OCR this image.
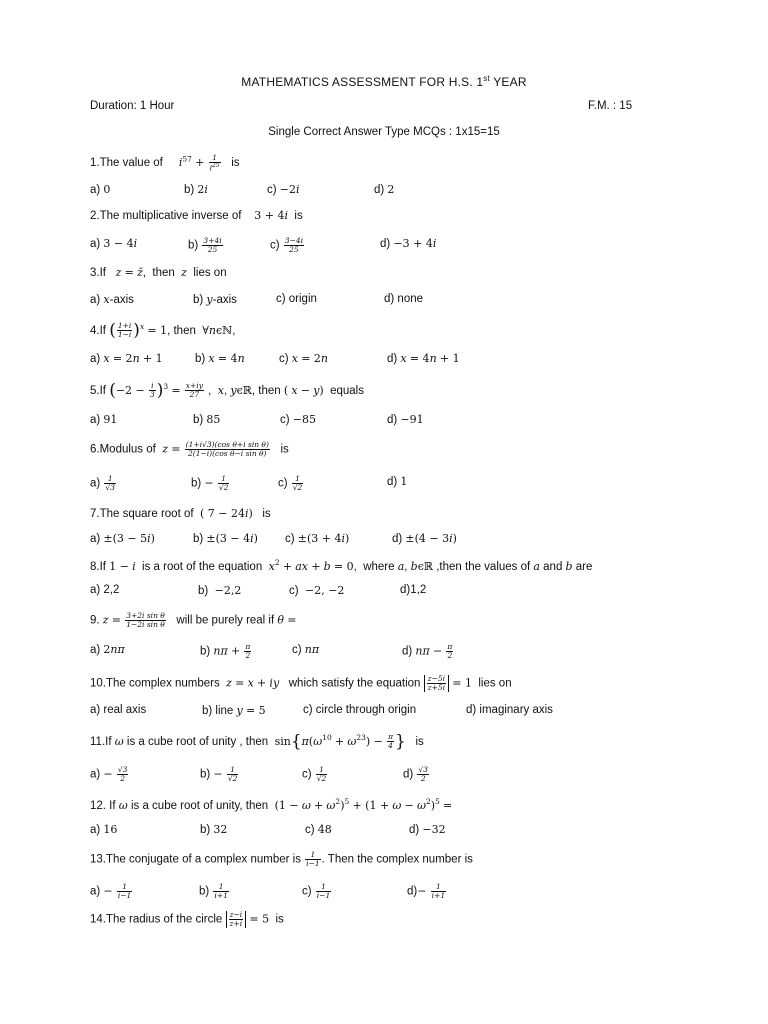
MATHEMATICS ASSESSMENT FOR H.S. 1st YEAR
Duration: 1 Hour	F.M. : 15
Single Correct Answer Type MCQs : 1x15=15
1.The value of     $i^{57} + \frac{1}{i^{25}}$ is
a) 0	b) 2i	c) −2i	d) 2
2.The multiplicative inverse of    3 + 4i  is
a) 3 − 4i	$b) \frac{3+4i}{25}$	$c) \frac{3-4i}{25}$	d) −3 + 4i
3.If   z = z̄,  then  z  lies on
a) x-axis	b) y-axis	c) origin	d) none
4.If ( $\frac{1+i}{1-i} )^x = 1$, then  ∀nϵℕ,
a) x = 2n + 1	b) x = 4n	c) x = 2n	d) x = 4n + 1
5.If $(-2 - \frac{i}{3} )^3 = \frac{x+iy}{27}$ ,  x, yϵℝ, then ( x − y)  equals
a) 91	b) 85	c) −85	d) −91
6.Modulus of  $z = \frac{\text{(1+i√3)(cos θ+i sin θ)}}{\text{2(1−i)(cos θ−i sin θ)}}$ is
$a) \frac{1}{√3}$	$b) - \frac{1}{√2}$	$c) \frac{1}{√2}$	d) 1
7.The square root of  ( 7 − 24i)   is
a) ±(3 − 5i)	b) ±(3 − 4i) c) ±(3 + 4i)	d) ±(4 − 3i)
8.If 1 − i  is a root of the equation  $x^2$ + ax + b = 0,  where a, bϵℝ ,then the values of a and b are
a) 2,2	b)  −2,2	c)  −2, −2	d)1,2
9. $z = \frac{\text{3+2i sin θ}}{\text{1−2i sin θ}}$ will be purely real if θ =
a) 2nπ	b) $n\pi + \frac{\pi}{2}$	c) nπ	d) $n\pi - \frac{\pi}{2}$
10.The complex numbers  z = x + iy   which satisfy the equation $\frac{z-5i}{z+5i} = 1$  lies on
a) real axis	b) line y = 5	c) circle through origin	d) imaginary axis
11.If ω is a cube root of unity , then  $\sin\{\pi(\omega^{10} + \omega^{23}) - \frac{\pi}{4}$ }   is
$a) - \frac{√3}{2}$	$b) - \frac{1}{√2}$	$c) \frac{1}{√2}$	$d) \frac{√3}{2}$
12. If ω is a cube root of unity, then  $(1 - \omega + \omega^2)^5 + (1 + \omega - \omega^2)^5$ =
a) 16	b) 32	c) 48	d) −32
13.The conjugate of a complex number is $\frac{1}{i-1}$ . Then the complex number is
$a) - \frac{1}{i-1}$	$b) \frac{1}{i+1}$	$c) \frac{1}{i-1}$	$d)- \frac{1}{i+1}$
14.The radius of the circle $\frac{z-i}{z+i} = 5$  is
